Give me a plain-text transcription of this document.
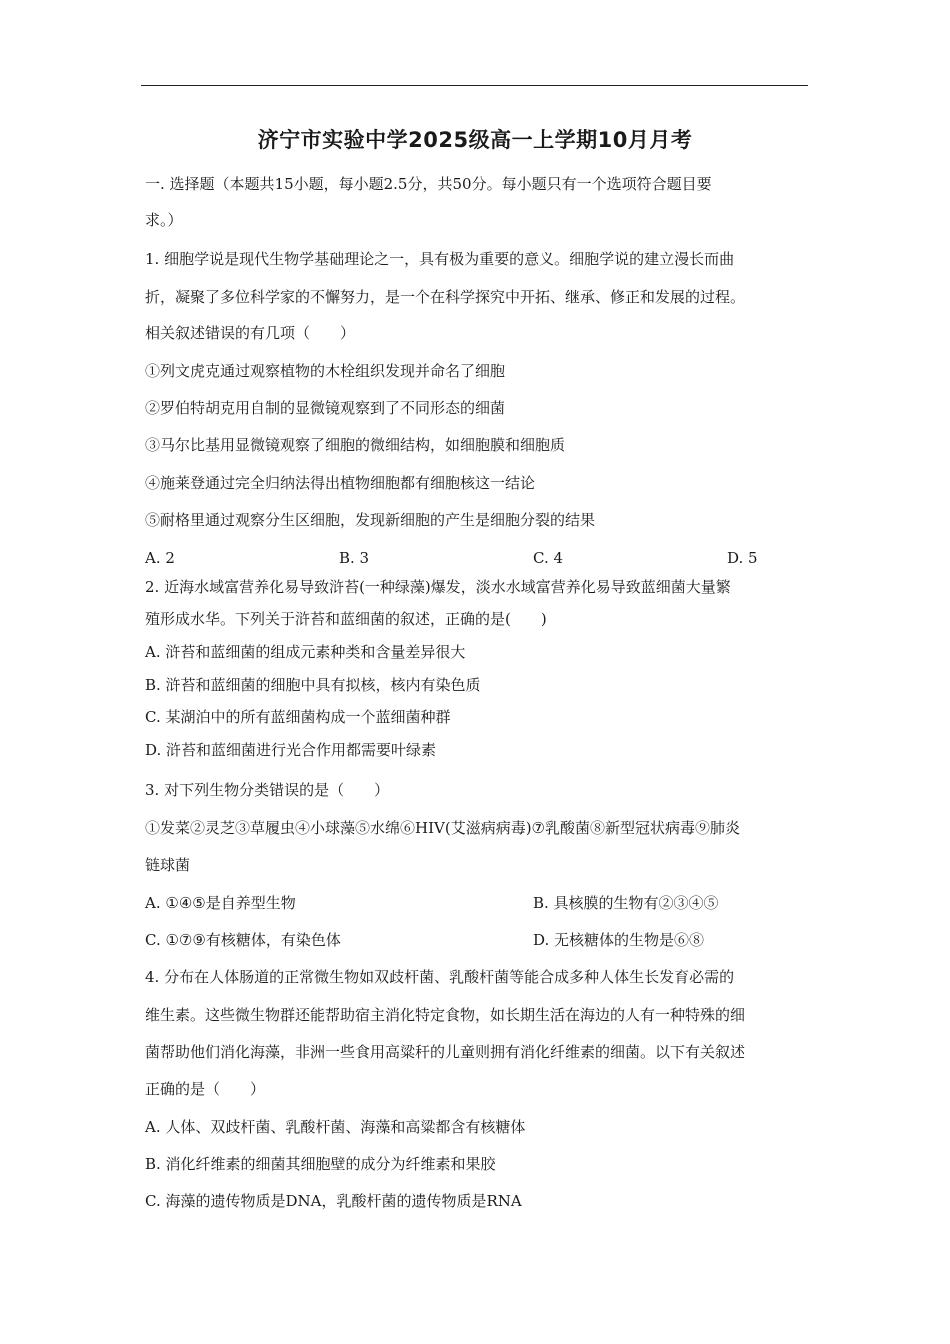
济宁市实验中学2025级高一上学期10月月考
一. 选择题（本题共15小题，每小题2.5分，共50分。每小题只有一个选项符合题目要
求。）
1. 细胞学说是现代生物学基础理论之一，具有极为重要的意义。细胞学说的建立漫长而曲
折，凝聚了多位科学家的不懈努力，是一个在科学探究中开拓、继承、修正和发展的过程。
相关叙述错误的有几项（　　）
①列文虎克通过观察植物的木栓组织发现并命名了细胞
②罗伯特胡克用自制的显微镜观察到了不同形态的细菌
③马尔比基用显微镜观察了细胞的微细结构，如细胞膜和细胞质
④施莱登通过完全归纳法得出植物细胞都有细胞核这一结论
⑤耐格里通过观察分生区细胞，发现新细胞的产生是细胞分裂的结果
A. 2	B. 3	C. 4	D. 5
2. 近海水域富营养化易导致浒苔(一种绿藻)爆发，淡水水域富营养化易导致蓝细菌大量繁
殖形成水华。下列关于浒苔和蓝细菌的叙述，正确的是(　　)
A. 浒苔和蓝细菌的组成元素种类和含量差异很大
B. 浒苔和蓝细菌的细胞中具有拟核，核内有染色质
C. 某湖泊中的所有蓝细菌构成一个蓝细菌种群
D. 浒苔和蓝细菌进行光合作用都需要叶绿素
3. 对下列生物分类错误的是（　　）
①发菜②灵芝③草履虫④小球藻⑤水绵⑥HIV(艾滋病病毒)⑦乳酸菌⑧新型冠状病毒⑨肺炎
链球菌
A. ①④⑤是自养型生物	B. 具核膜的生物有②③④⑤
C. ①⑦⑨有核糖体，有染色体	D. 无核糖体的生物是⑥⑧
4. 分布在人体肠道的正常微生物如双歧杆菌、乳酸杆菌等能合成多种人体生长发育必需的
维生素。这些微生物群还能帮助宿主消化特定食物，如长期生活在海边的人有一种特殊的细
菌帮助他们消化海藻，非洲一些食用高粱秆的儿童则拥有消化纤维素的细菌。以下有关叙述
正确的是（　　）
A. 人体、双歧杆菌、乳酸杆菌、海藻和高粱都含有核糖体
B. 消化纤维素的细菌其细胞壁的成分为纤维素和果胶
C. 海藻的遗传物质是DNA，乳酸杆菌的遗传物质是RNA
